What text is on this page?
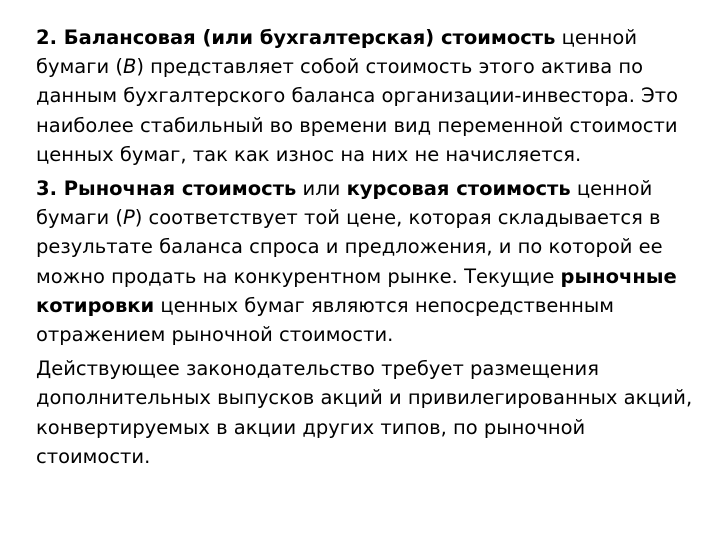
2. Балансовая (или бухгалтерская) стоимость ценной бумаги (В) представляет собой стоимость этого актива по данным бухгалтерского баланса организации-инвестора. Это наиболее стабильный во времени вид переменной стоимости ценных бумаг, так как износ на них не начисляется.

3. Рыночная стоимость или курсовая стоимость ценной бумаги (Р) соответствует той цене, которая складывается в результате баланса спроса и предложения, и по которой ее можно продать на конкурентном рынке. Текущие рыночные котировки ценных бумаг являются непосредственным отражением рыночной стоимости.

Действующее законодательство требует размещения дополнительных выпусков акций и привилегированных акций, конвертируемых в акции других типов, по рыночной стоимости.
